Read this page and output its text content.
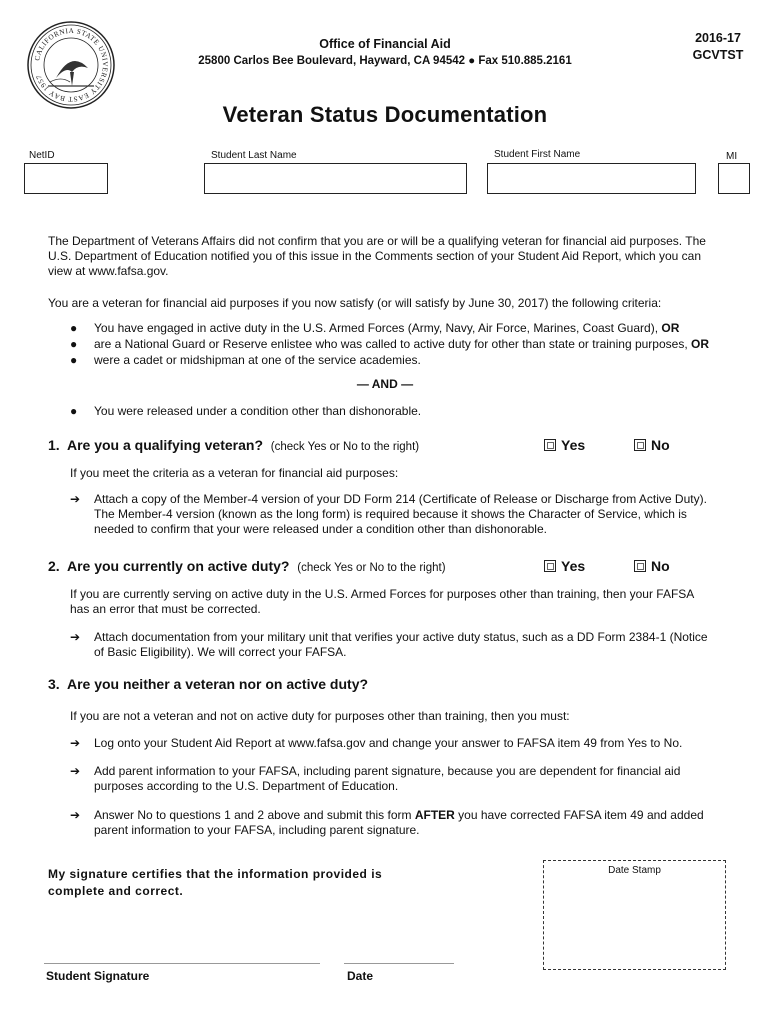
CALIFORNIA STATE UNIVERSITY EAST BAY 1957
Office of Financial Aid
25800 Carlos Bee Boulevard, Hayward, CA 94542 ● Fax 510.885.2161
2016-17
GCVTST
Veteran Status Documentation
NetID	Student Last Name	Student First Name	MI
The Department of Veterans Affairs did not confirm that you are or will be a qualifying veteran for financial aid purposes. The U.S. Department of Education notified you of this issue in the Comments section of your Student Aid Report, which you can view at www.fafsa.gov.
You are a veteran for financial aid purposes if you now satisfy (or will satisfy by June 30, 2017) the following criteria:
● You have engaged in active duty in the U.S. Armed Forces (Army, Navy, Air Force, Marines, Coast Guard), OR
● are a National Guard or Reserve enlistee who was called to active duty for other than state or training purposes, OR
● were a cadet or midshipman at one of the service academies.
— AND —
● You were released under a condition other than dishonorable.
1. Are you a qualifying veteran? (check Yes or No to the right)	Yes	No
If you meet the criteria as a veteran for financial aid purposes:
➔ Attach a copy of the Member-4 version of your DD Form 214 (Certificate of Release or Discharge from Active Duty). The Member-4 version (known as the long form) is required because it shows the Character of Service, which is needed to confirm that your were released under a condition other than dishonorable.
2. Are you currently on active duty? (check Yes or No to the right)	Yes	No
If you are currently serving on active duty in the U.S. Armed Forces for purposes other than training, then your FAFSA has an error that must be corrected.
➔ Attach documentation from your military unit that verifies your active duty status, such as a DD Form 2384-1 (Notice of Basic Eligibility). We will correct your FAFSA.
3. Are you neither a veteran nor on active duty?
If you are not a veteran and not on active duty for purposes other than training, then you must:
➔ Log onto your Student Aid Report at www.fafsa.gov and change your answer to FAFSA item 49 from Yes to No.
➔ Add parent information to your FAFSA, including parent signature, because you are dependent for financial aid purposes according to the U.S. Department of Education.
➔ Answer No to questions 1 and 2 above and submit this form AFTER you have corrected FAFSA item 49 and added parent information to your FAFSA, including parent signature.
My signature certifies that the information provided is complete and correct.
Date Stamp
Student Signature	Date
